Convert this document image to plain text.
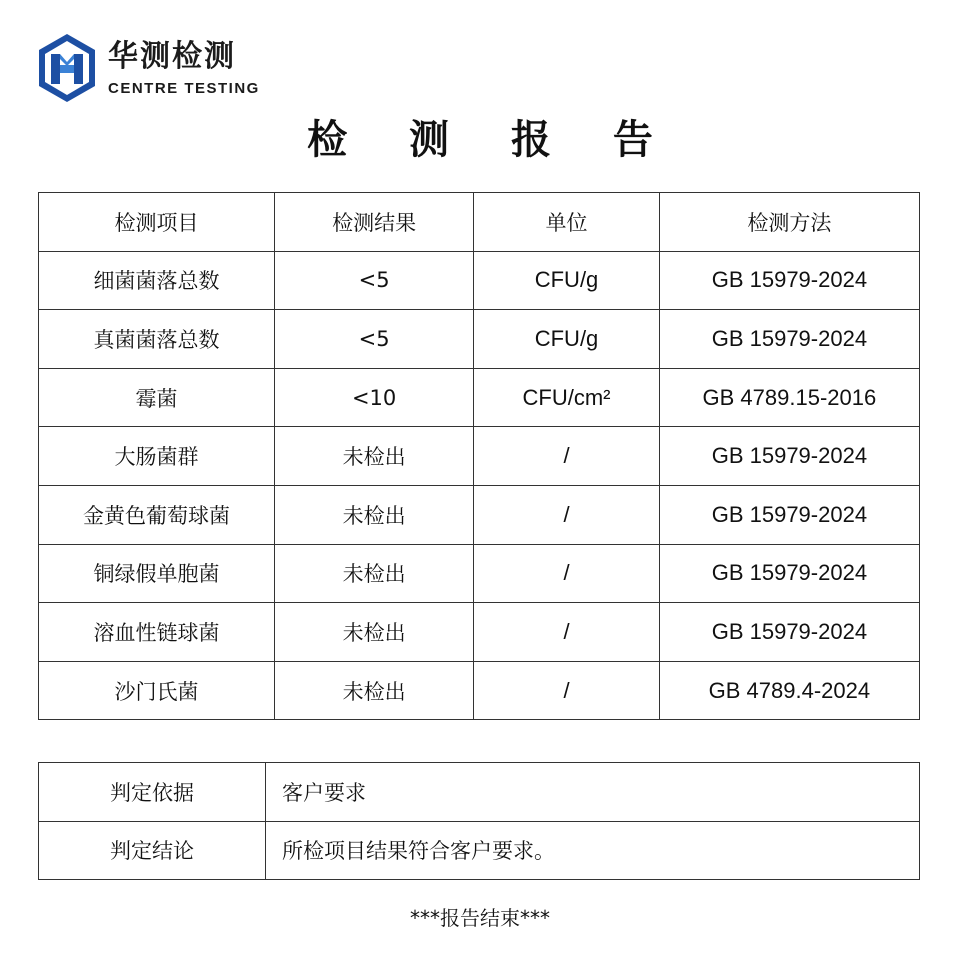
华测检测
CENTRE TESTING
检 测 报 告
检测项目	检测结果	单位	检测方法
细菌菌落总数	<5	CFU/g	GB 15979-2024
真菌菌落总数	<5	CFU/g	GB 15979-2024
霉菌	<10	CFU/cm²	GB 4789.15-2016
大肠菌群	未检出	/	GB 15979-2024
金黄色葡萄球菌	未检出	/	GB 15979-2024
铜绿假单胞菌	未检出	/	GB 15979-2024
溶血性链球菌	未检出	/	GB 15979-2024
沙门氏菌	未检出	/	GB 4789.4-2024
判定依据	客户要求
判定结论	所检项目结果符合客户要求。
***报告结束***
